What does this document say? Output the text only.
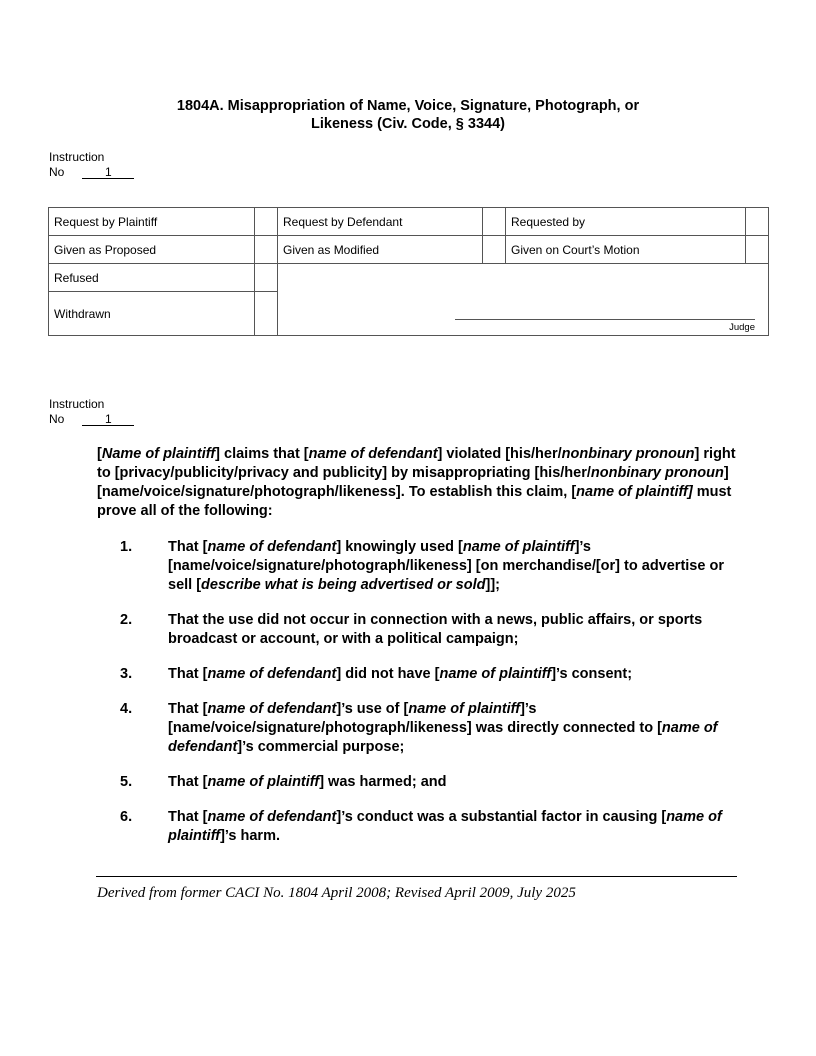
1804A. Misappropriation of Name, Voice, Signature, Photograph, or
Likeness (Civ. Code, § 3344)
Instruction
No	1
Request by Plaintiff		Request by Defendant		Requested by	
Given as Proposed		Given as Modified		Given on Court’s Motion	
Refused		Judge			

Withdrawn					
Instruction
No	1

[Name of plaintiff] claims that [name of defendant] violated [his/her/nonbinary pronoun] right to [privacy/publicity/privacy and publicity] by misappropriating [his/her/nonbinary pronoun] [name/voice/signature/photograph/likeness]. To establish this claim, [name of plaintiff] must prove all of the following:

1. That [name of defendant] knowingly used [name of plaintiff]’s [name/voice/signature/photograph/likeness] [on merchandise/[or] to advertise or sell [describe what is being advertised or sold]];
2. That the use did not occur in connection with a news, public affairs, or sports broadcast or account, or with a political campaign;
3. That [name of defendant] did not have [name of plaintiff]’s consent;
4. That [name of defendant]’s use of [name of plaintiff]’s [name/voice/signature/photograph/likeness] was directly connected to [name of defendant]’s commercial purpose;
5. That [name of plaintiff] was harmed; and
6. That [name of defendant]’s conduct was a substantial factor in causing [name of plaintiff]’s harm.
Derived from former CACI No. 1804 April 2008; Revised April 2009, July 2025
